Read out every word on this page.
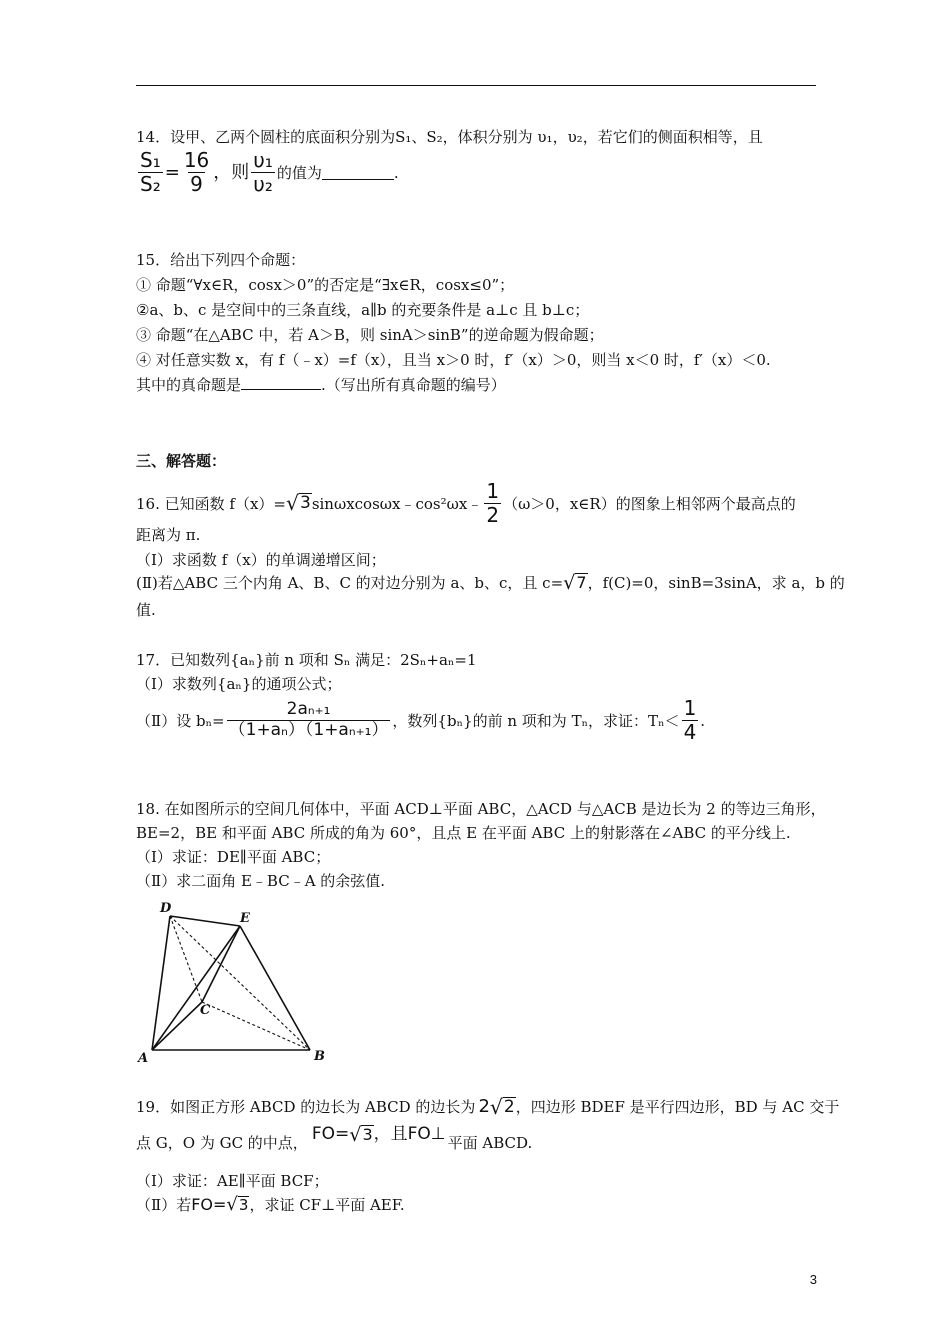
14．设甲、乙两个圆柱的底面积分别为S₁、S₂，体积分别为 υ₁，υ₂，若它们的侧面积相等，且
$\frac{\text{S₁}}{\text{S₂}} = \frac{16}{9}$ ，则 $\frac{\text{υ₁}}{\text{υ₂}}$ 的值为	.
15．给出下列四个命题：
① 命题“∀x∈R，cosx＞0”的否定是“∃x∈R，cosx≤0”；
②a、b、c 是空间中的三条直线，a∥b 的充要条件是 a⊥c 且 b⊥c；
③ 命题“在△ABC 中，若 A＞B，则 sinA＞sinB”的逆命题为假命题；
④ 对任意实数 x，有 f（﹣x）=f（x），且当 x＞0 时，f′（x）＞0，则当 x＜0 时，f′（x）＜0.
其中的真命题是	.（写出所有真命题的编号）
三、解答题：
16. 已知函数 f（x）= √ 3 sinωxcosωx﹣cos²ωx﹣ $\frac{1}{2} (\omega>0$，x∈R）的图象上相邻两个最高点的
距离为 π.
（Ⅰ）求函数 f（x）的单调递增区间；
(Ⅱ)若△ABC 三个内角 A、B、C 的对边分别为 a、b、c，且 c= √ 7 ，f(C)=0，sinB=3sinA，求 a，b 的
值.
17．已知数列{aₙ}前 n 项和 Sₙ 满足：2Sₙ+aₙ=1
（Ⅰ）求数列{aₙ}的通项公式；
（Ⅱ）设 $b_n= \frac{\text{2aₙ₊₁}}{\text{（1+aₙ）（1+aₙ₊₁）}}$ ，数列{bₙ}的前 n 项和为 Tₙ，求证：$T_n< \frac{1}{4}$ .
18. 在如图所示的空间几何体中，平面 ACD⊥平面 ABC，△ACD 与△ACB 是边长为 2 的等边三角形，
BE=2，BE 和平面 ABC 所成的角为 60°，且点 E 在平面 ABC 上的射影落在∠ABC 的平分线上.
（Ⅰ）求证：DE∥平面 ABC；
（Ⅱ）求二面角 E﹣BC﹣A 的余弦值.
D
E
C
A	B
19．如图正方形 ABCD 的边长为 ABCD 的边长为 2 √ 2 ，四边形 BDEF 是平行四边形，BD 与 AC 交于
点 G，O 为 GC 的中点， FO= √ 3 ，且FO⊥ 平面 ABCD.
（Ⅰ）求证：AE∥平面 BCF；
（Ⅱ）若 FO= √ 3 ，求证 CF⊥平面 AEF.
3
